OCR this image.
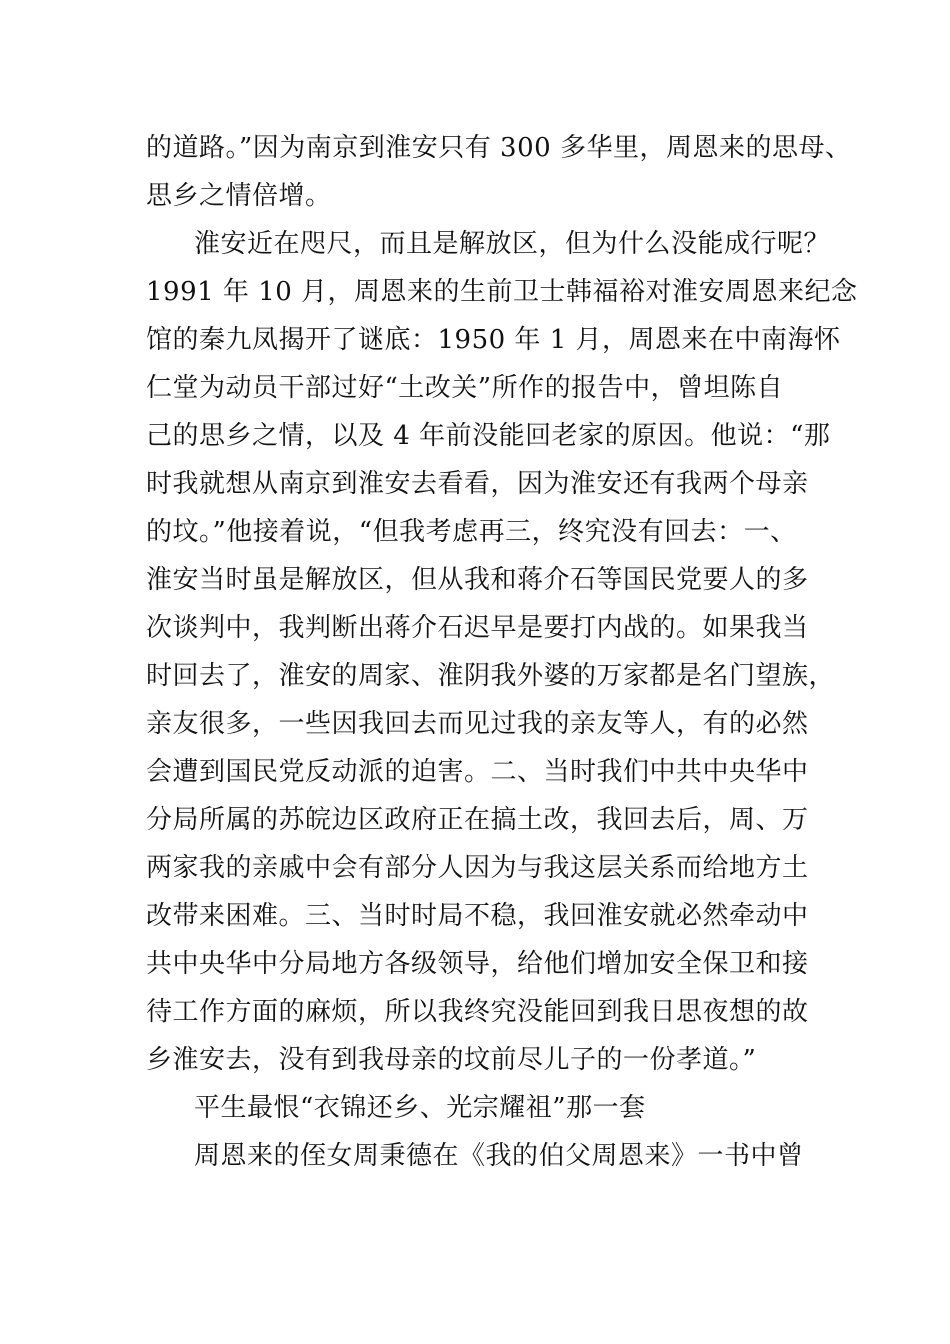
的道路。”因为南京到淮安只有 300 多华里，周恩来的思母、
思乡之情倍增。
淮安近在咫尺，而且是解放区，但为什么没能成行呢？
1991 年 10 月，周恩来的生前卫士韩福裕对淮安周恩来纪念
馆的秦九凤揭开了谜底：1950 年 1 月，周恩来在中南海怀
仁堂为动员干部过好“土改关”所作的报告中，曾坦陈自
己的思乡之情，以及 4 年前没能回老家的原因。他说：“那
时我就想从南京到淮安去看看，因为淮安还有我两个母亲
的坟。”他接着说，“但我考虑再三，终究没有回去：一、
淮安当时虽是解放区，但从我和蒋介石等国民党要人的多
次谈判中，我判断出蒋介石迟早是要打内战的。如果我当
时回去了，淮安的周家、淮阴我外婆的万家都是名门望族，
亲友很多，一些因我回去而见过我的亲友等人，有的必然
会遭到国民党反动派的迫害。二、当时我们中共中央华中
分局所属的苏皖边区政府正在搞土改，我回去后，周、万
两家我的亲戚中会有部分人因为与我这层关系而给地方土
改带来困难。三、当时时局不稳，我回淮安就必然牵动中
共中央华中分局地方各级领导，给他们增加安全保卫和接
待工作方面的麻烦，所以我终究没能回到我日思夜想的故
乡淮安去，没有到我母亲的坟前尽儿子的一份孝道。”
平生最恨“衣锦还乡、光宗耀祖”那一套
周恩来的侄女周秉德在《我的伯父周恩来》一书中曾
